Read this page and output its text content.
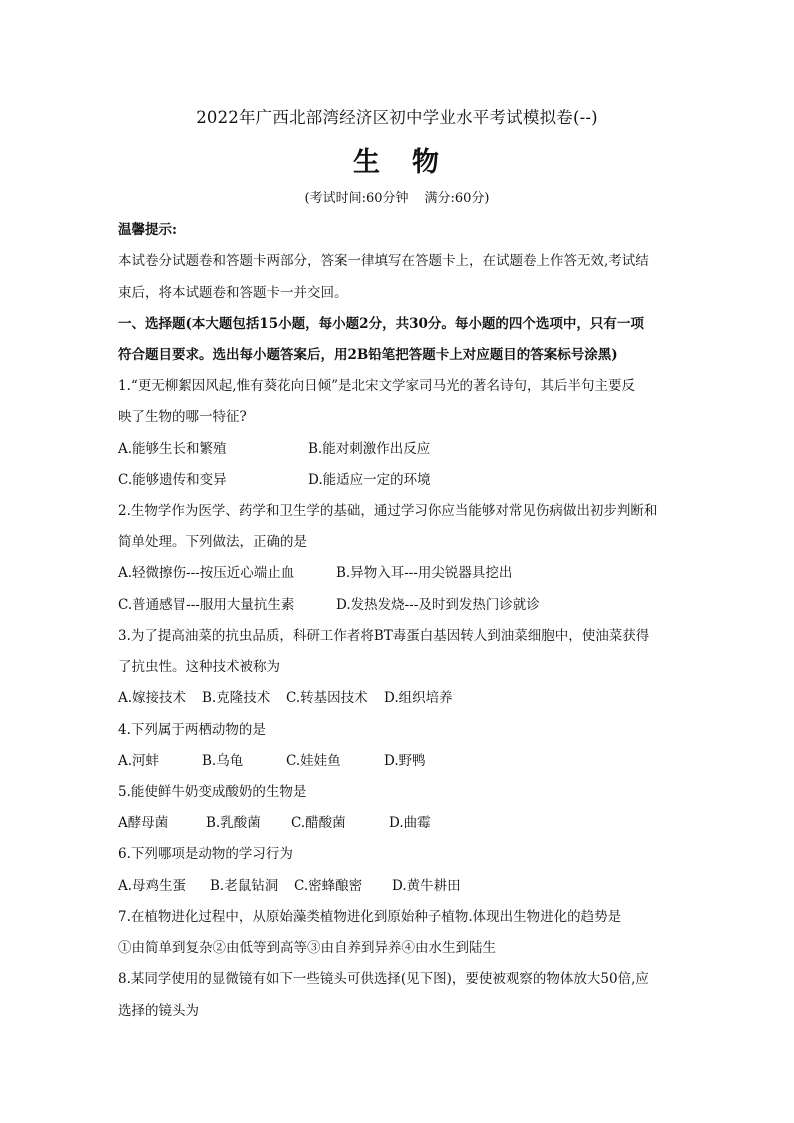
2022年广西北部湾经济区初中学业水平考试模拟卷(--)
生 物
(考试时间:60分钟 满分:60分)
温馨提示:
本试卷分试题卷和答题卡两部分，答案一律填写在答题卡上，在试题卷上作答无效,考试结
束后，将本试题卷和答题卡一并交回。
一、选择题(本大题包括15小题，每小题2分，共30分。每小题的四个选项中，只有一项
符合题目要求。选出每小题答案后，用2B铅笔把答题卡上对应题目的答案标号涂黑)
1.“更无柳絮因风起,惟有葵花向日倾”是北宋文学家司马光的著名诗句，其后半句主要反
映了生物的哪一特征?
A.能够生长和繁殖	B.能对刺激作出反应
C.能够遗传和变异	D.能适应一定的环境
2.生物学作为医学、药学和卫生学的基础，通过学习你应当能够对常见伤病做出初步判断和
简单处理。下列做法，正确的是
A.轻微擦伤---按压近心端止血	B.异物入耳---用尖锐器具挖出
C.普通感冒---服用大量抗生素	D.发热发烧---及时到发热门诊就诊
3.为了提高油菜的抗虫品质，科研工作者将BT毒蛋白基因转人到油菜细胞中，使油菜获得
了抗虫性。这种技术被称为
A.嫁接技术 B.克隆技术 C.转基因技术 D.组织培养
4.下列属于两栖动物的是
A.河蚌	B.乌龟	C.娃娃鱼	D.野鸭
5.能使鲜牛奶变成酸奶的生物是
A酵母菌	B.乳酸菌 C.醋酸菌	D.曲霉
6.下列哪项是动物的学习行为
A.母鸡生蛋 B.老鼠钻洞 C.密蜂酿密 D.黄牛耕田
7.在植物进化过程中，从原始藻类植物进化到原始种子植物.体现出生物进化的趋势是
①由简单到复杂②由低等到高等③由自养到异养④由水生到陆生
8.某同学使用的显微镜有如下一些镜头可供选择(见下图)，要使被观察的物体放大50倍,应
选择的镜头为
